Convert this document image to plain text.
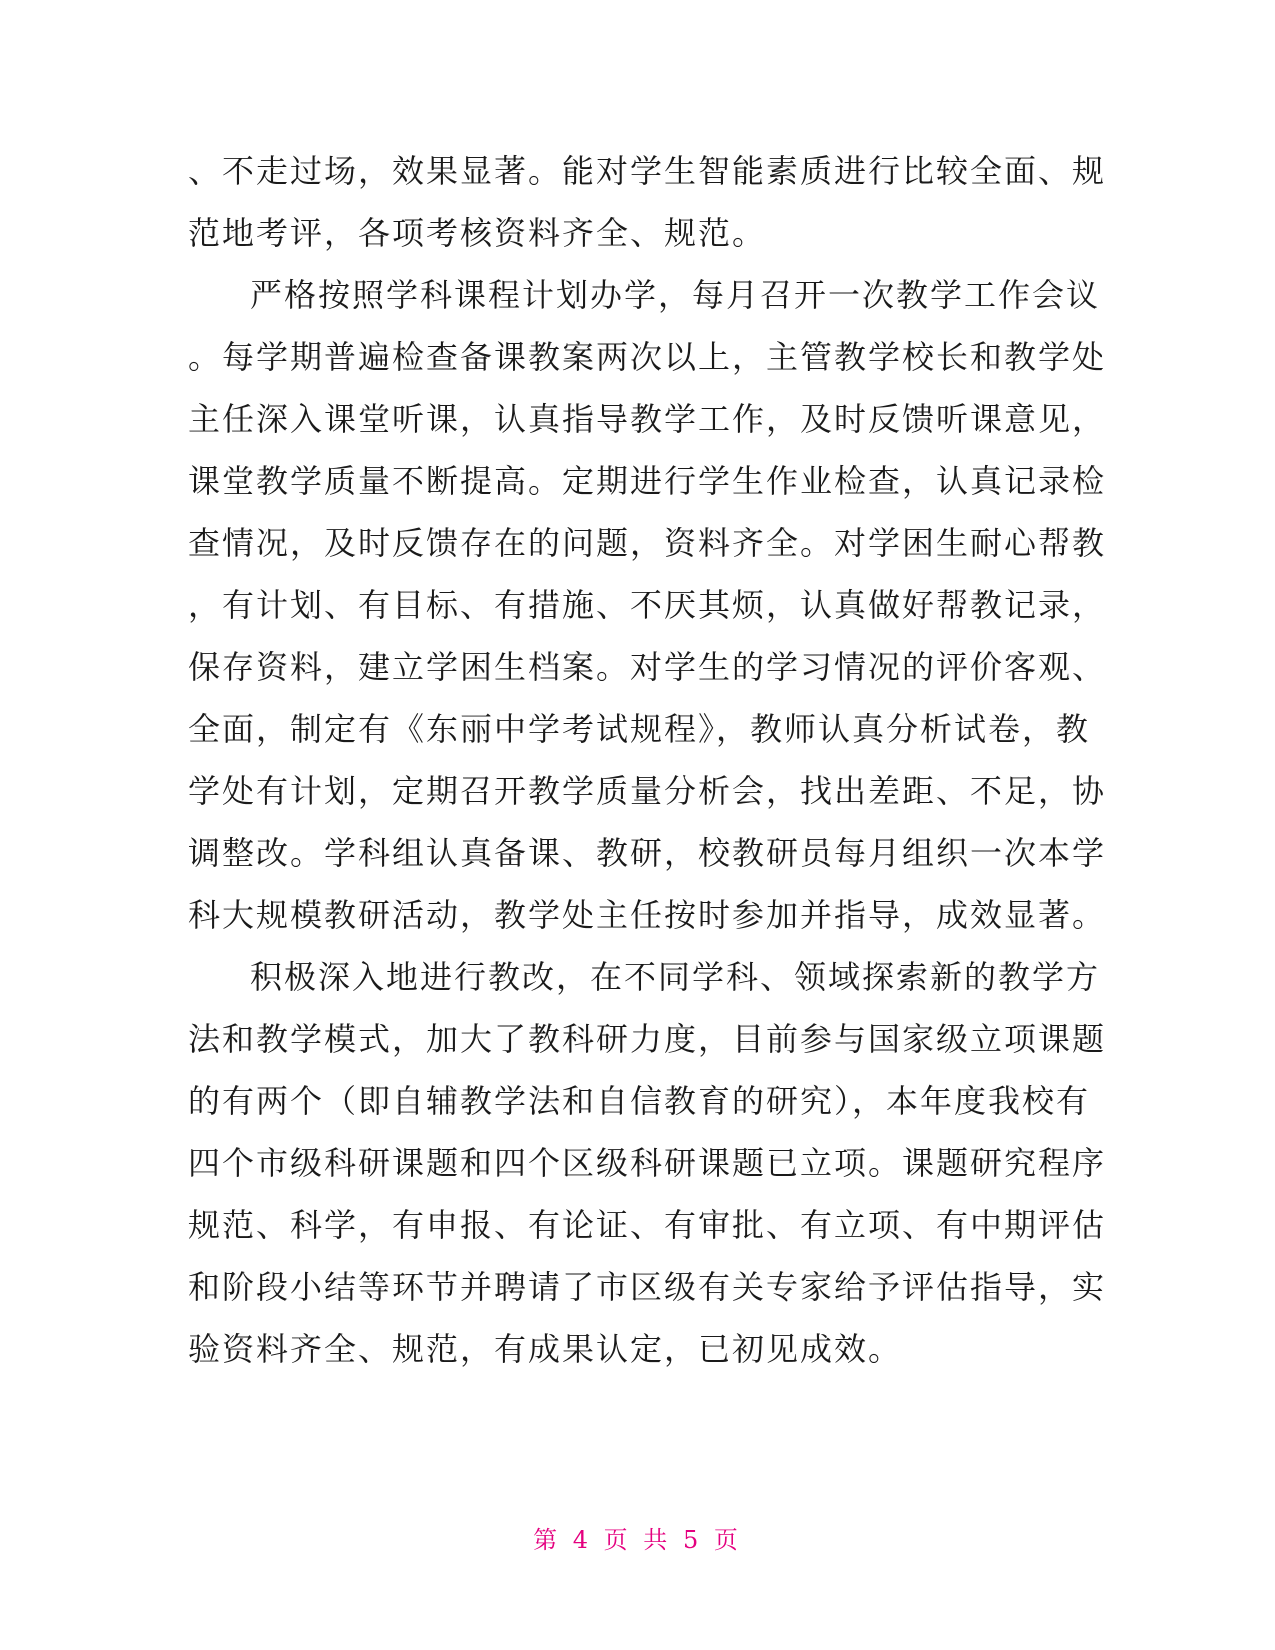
、不走过场，效果显著。能对学生智能素质进行比较全面、规
范地考评，各项考核资料齐全、规范。
严格按照学科课程计划办学，每月召开一次教学工作会议
。每学期普遍检查备课教案两次以上，主管教学校长和教学处
主任深入课堂听课，认真指导教学工作，及时反馈听课意见，
课堂教学质量不断提高。定期进行学生作业检查，认真记录检
查情况，及时反馈存在的问题，资料齐全。对学困生耐心帮教
，有计划、有目标、有措施、不厌其烦，认真做好帮教记录，
保存资料，建立学困生档案。对学生的学习情况的评价客观、
全面，制定有《东丽中学考试规程》，教师认真分析试卷，教
学处有计划，定期召开教学质量分析会，找出差距、不足，协
调整改。学科组认真备课、教研，校教研员每月组织一次本学
科大规模教研活动，教学处主任按时参加并指导，成效显著。
积极深入地进行教改，在不同学科、领域探索新的教学方
法和教学模式，加大了教科研力度，目前参与国家级立项课题
的有两个（即自辅教学法和自信教育的研究），本年度我校有
四个市级科研课题和四个区级科研课题已立项。课题研究程序
规范、科学，有申报、有论证、有审批、有立项、有中期评估
和阶段小结等环节并聘请了市区级有关专家给予评估指导，实
验资料齐全、规范，有成果认定，已初见成效。
第 4 页 共 5 页
